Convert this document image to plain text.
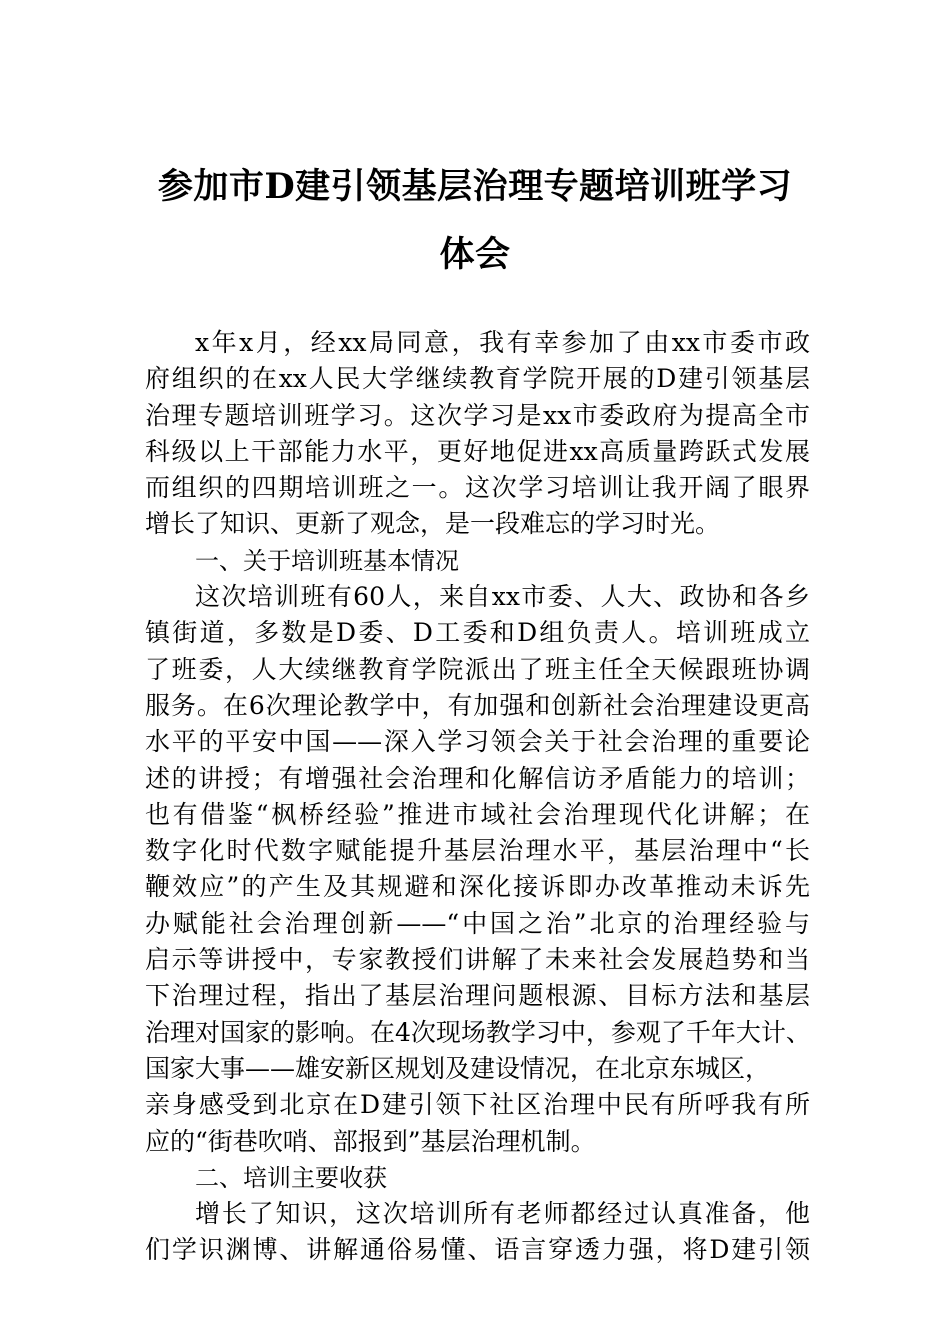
参加市D建引领基层治理专题培训班学习
体会
x年x月，经xx局同意，我有幸参加了由xx市委市政
府组织的在xx人民大学继续教育学院开展的D建引领基层
治理专题培训班学习。这次学习是xx市委政府为提高全市
科级以上干部能力水平，更好地促进xx高质量跨跃式发展
而组织的四期培训班之一。这次学习培训让我开阔了眼界
增长了知识、更新了观念，是一段难忘的学习时光。
一、关于培训班基本情况
这次培训班有60人，来自xx市委、人大、政协和各乡
镇街道，多数是D委、D工委和D组负责人。培训班成立
了班委，人大续继教育学院派出了班主任全天候跟班协调
服务。在6次理论教学中，有加强和创新社会治理建设更高
水平的平安中国——深入学习领会关于社会治理的重要论
述的讲授；有增强社会治理和化解信访矛盾能力的培训；
也有借鉴“枫桥经验”推进市域社会治理现代化讲解；在
数字化时代数字赋能提升基层治理水平，基层治理中“长
鞭效应”的产生及其规避和深化接诉即办改革推动未诉先
办赋能社会治理创新——“中国之治”北京的治理经验与
启示等讲授中，专家教授们讲解了未来社会发展趋势和当
下治理过程，指出了基层治理问题根源、目标方法和基层
治理对国家的影响。在4次现场教学习中，参观了千年大计、
国家大事——雄安新区规划及建设情况，在北京东城区，
亲身感受到北京在D建引领下社区治理中民有所呼我有所
应的“街巷吹哨、部报到”基层治理机制。
二、培训主要收获
增长了知识，这次培训所有老师都经过认真准备，他
们学识渊博、讲解通俗易懂、语言穿透力强，将D建引领
